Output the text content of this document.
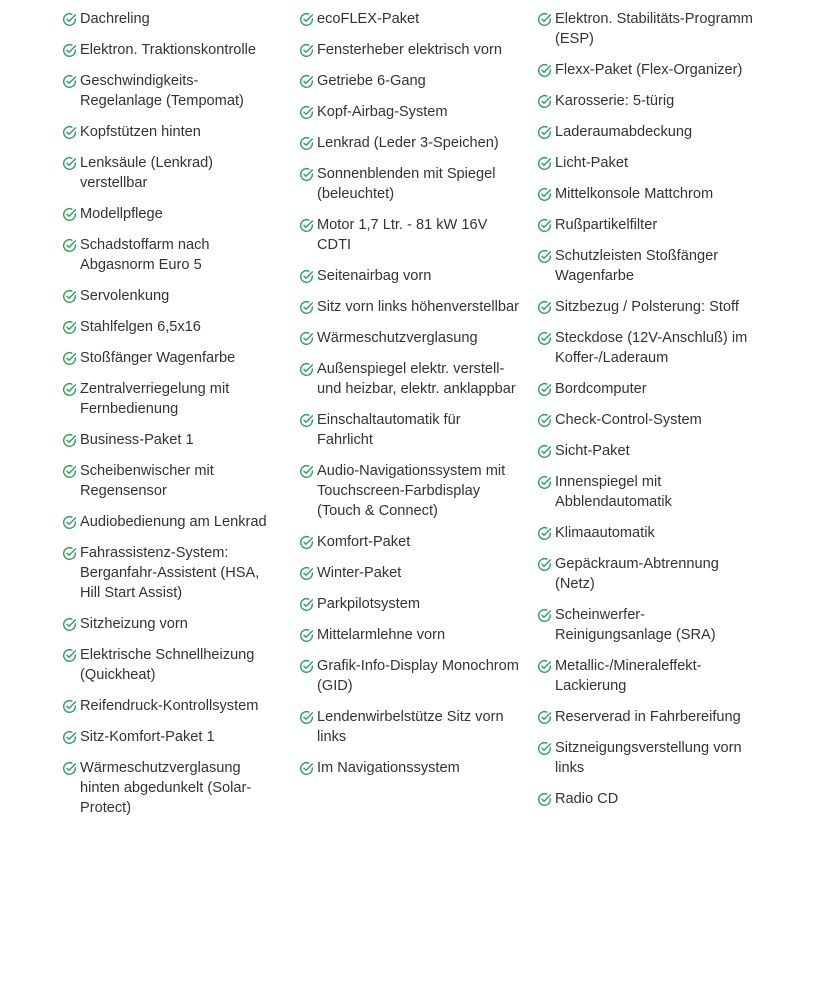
Dachreling
Elektron. Traktionskontrolle
Geschwindigkeits-Regelanlage (Tempomat)
Kopfstützen hinten
Lenksäule (Lenkrad) verstellbar
Modellpflege
Schadstoffarm nach Abgasnorm Euro 5
Servolenkung
Stahlfelgen 6,5x16
Stoßfänger Wagenfarbe
Zentralverriegelung mit Fernbedienung
Business-Paket 1
Scheibenwischer mit Regensensor
Audiobedienung am Lenkrad
Fahrassistenz-System: Berganfahr-Assistent (HSA, Hill Start Assist)
Sitzheizung vorn
Elektrische Schnellheizung (Quickheat)
Reifendruck-Kontrollsystem
Sitz-Komfort-Paket 1
Wärmeschutzverglasung hinten abgedunkelt (Solar-Protect)
ecoFLEX-Paket
Fensterheber elektrisch vorn
Getriebe 6-Gang
Kopf-Airbag-System
Lenkrad (Leder 3-Speichen)
Sonnenblenden mit Spiegel (beleuchtet)
Motor 1,7 Ltr. - 81 kW 16V CDTI
Seitenairbag vorn
Sitz vorn links höhenverstellbar
Wärmeschutzverglasung
Außenspiegel elektr. verstell- und heizbar, elektr. anklappbar
Einschaltautomatik für Fahrlicht
Audio-Navigationssystem mit Touchscreen-Farbdisplay (Touch & Connect)
Komfort-Paket
Winter-Paket
Parkpilotsystem
Mittelarmlehne vorn
Grafik-Info-Display Monochrom (GID)
Lendenwirbelstütze Sitz vorn links
Im Navigationssystem
Elektron. Stabilitäts-Programm (ESP)
Flexx-Paket (Flex-Organizer)
Karosserie: 5-türig
Laderaumabdeckung
Licht-Paket
Mittelkonsole Mattchrom
Rußpartikelfilter
Schutzleisten Stoßfänger Wagenfarbe
Sitzbezug / Polsterung: Stoff
Steckdose (12V-Anschluß) im Koffer-/Laderaum
Bordcomputer
Check-Control-System
Sicht-Paket
Innenspiegel mit Abblendautomatik
Klimaautomatik
Gepäckraum-Abtrennung (Netz)
Scheinwerfer-Reinigungsanlage (SRA)
Metallic-/Mineraleffekt-Lackierung
Reserverad in Fahrbereifung
Sitzneigungsverstellung vorn links
Radio CD
